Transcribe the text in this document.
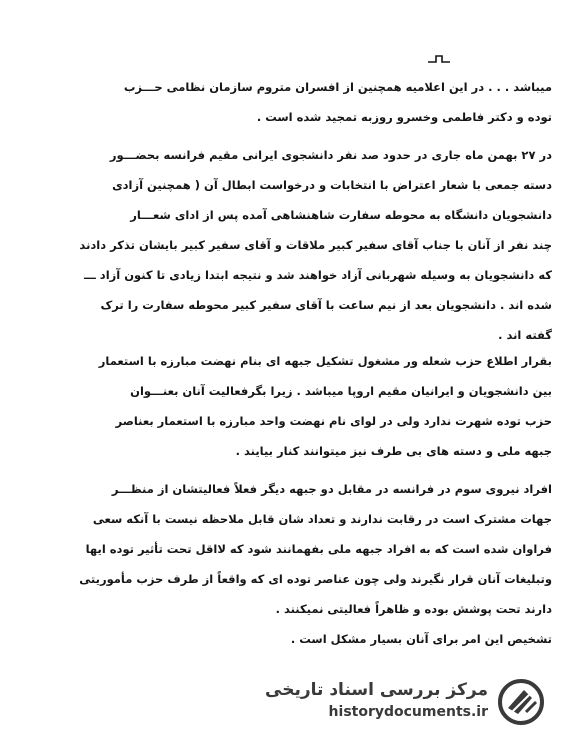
میباشد . . . در این اعلامیه همچنین از افسران متروم سازمان نظامی حـــزب
توده و دکتر فاطمی وخسرو روزبه تمجید شده است .
در ۲۷ بهمن ماه جاری در حدود صد نفر دانشجوی ایرانی مقیم فرانسه بحضـــور
دسته جمعی با شعار اعتراض با انتخابات و درخواست ابطال آن ( همچنین آزادی
دانشجویان دانشگاه به محوطه سفارت شاهنشاهی آمده پس از ادای شعـــار
چند نفر از آنان با جناب آقای سفیر کبیر ملاقات و آقای سفیر کبیر بایشان تذکر دادند
که دانشجویان به وسیله شهربانی آزاد خواهند شد و نتیجه ابتدا زیادی تا کنون آزاد ـــ
شده اند . دانشجویان بعد از نیم ساعت با آقای سفیر کبیر محوطه سفارت را ترک
گفته اند .
بقرار اطلاع حزب شعله ور مشغول تشکیل جبهه ای بنام نهضت مبارزه با استعمار
بین دانشجویان و ایرانیان مقیم اروپا میباشد . زیرا بگرفعالیت آنان بعنـــوان
حزب توده شهرت ندارد ولی در لوای نام نهضت واحد مبارزه با استعمار بعناصر
جبهه ملی و دسته های بی طرف نیز میتوانند کنار بیایند .
افراد نیروی سوم در فرانسه در مقابل دو جبهه دیگر فعلاً فعالیتشان از منظـــر
جهات مشترک است در رقابت ندارند و تعداد شان قابل ملاحظه نیست با آنکه سعی
فراوان شده است که به افراد جبهه ملی بفهمانند شود که لااقل تحت تأثیر توده ایها
وتبلیغات آنان قرار نگیرند ولی چون عناصر توده ای که واقعاً از طرف حزب مأموریتی
دارند تحت پوشش بوده و ظاهراً فعالیتی نمیکنند .
تشخیص این امر برای آنان بسیار مشکل است .
مرکز بررسی اسناد تاریخی
historydocuments.ir
